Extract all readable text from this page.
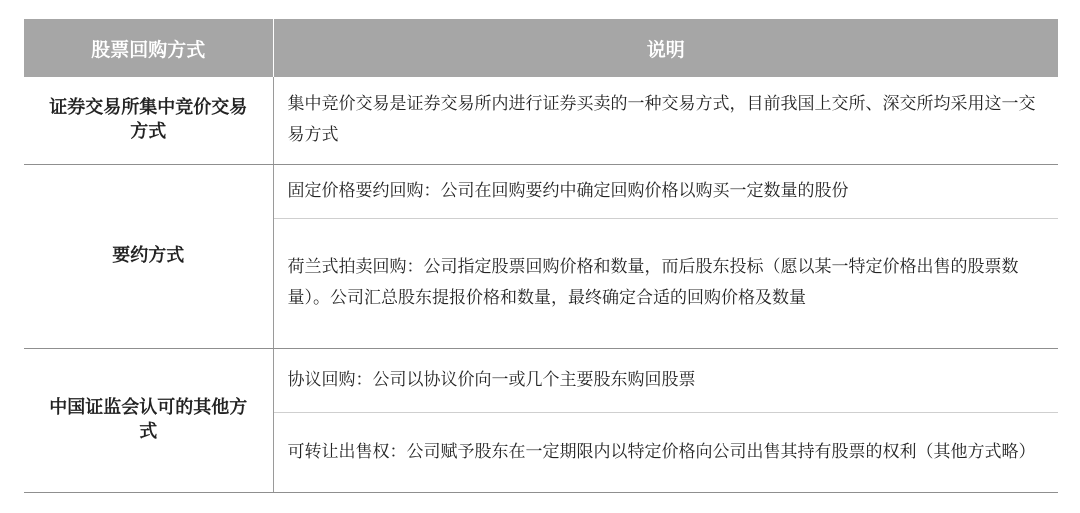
股票回购方式	说明
证券交易所集中竞价交易方式	集中竞价交易是证券交易所内进行证券买卖的一种交易方式，目前我国上交所、深交所均采用这一交易方式
要约方式	固定价格要约回购：公司在回购要约中确定回购价格以购买一定数量的股份
	荷兰式拍卖回购：公司指定股票回购价格和数量，而后股东投标（愿以某一特定价格出售的股票数量）。公司汇总股东提报价格和数量，最终确定合适的回购价格及数量
中国证监会认可的其他方式	协议回购：公司以协议价向一或几个主要股东购回股票
	可转让出售权：公司赋予股东在一定期限内以特定价格向公司出售其持有股票的权利（其他方式略）
